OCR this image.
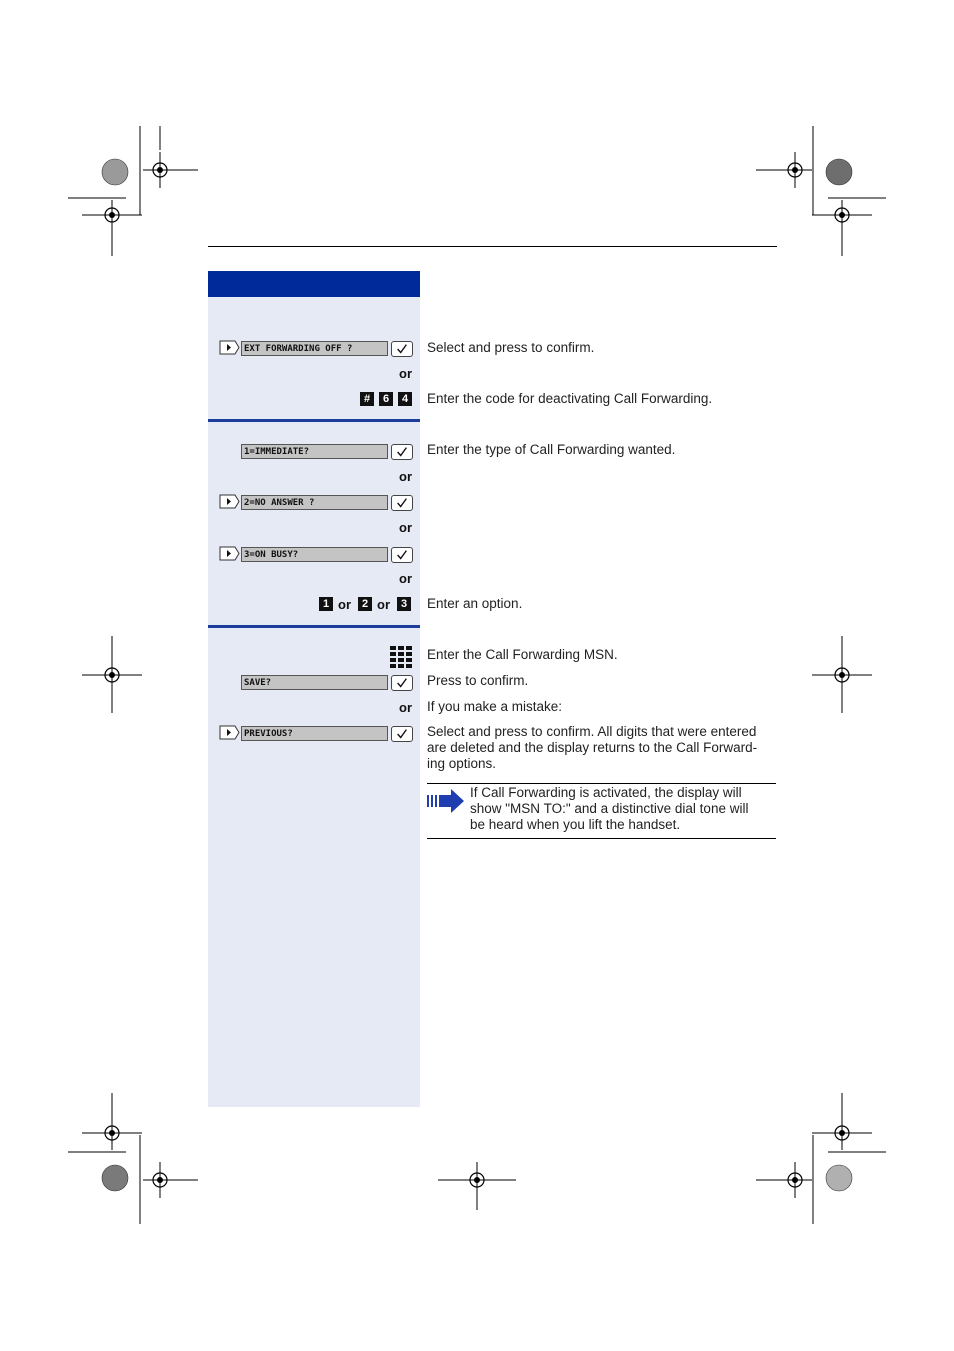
EXT FORWARDING OFF ?	Select and press to confirm.
or
#	6	4 Enter the code for deactivating Call Forwarding.
1=IMMEDIATE?	Enter the type of Call Forwarding wanted.
or
2=NO ANSWER ?
or
3=ON BUSY?
or
1 or 2 or 3 Enter an option.
Enter the Call Forwarding MSN.
SAVE?	Press to confirm.
or If you make a mistake:
PREVIOUS?	Select and press to confirm. All digits that were entered
are deleted and the display returns to the Call Forward-
ing options.
If Call Forwarding is activated, the display will
show "MSN TO:" and a distinctive dial tone will
be heard when you lift the handset.
